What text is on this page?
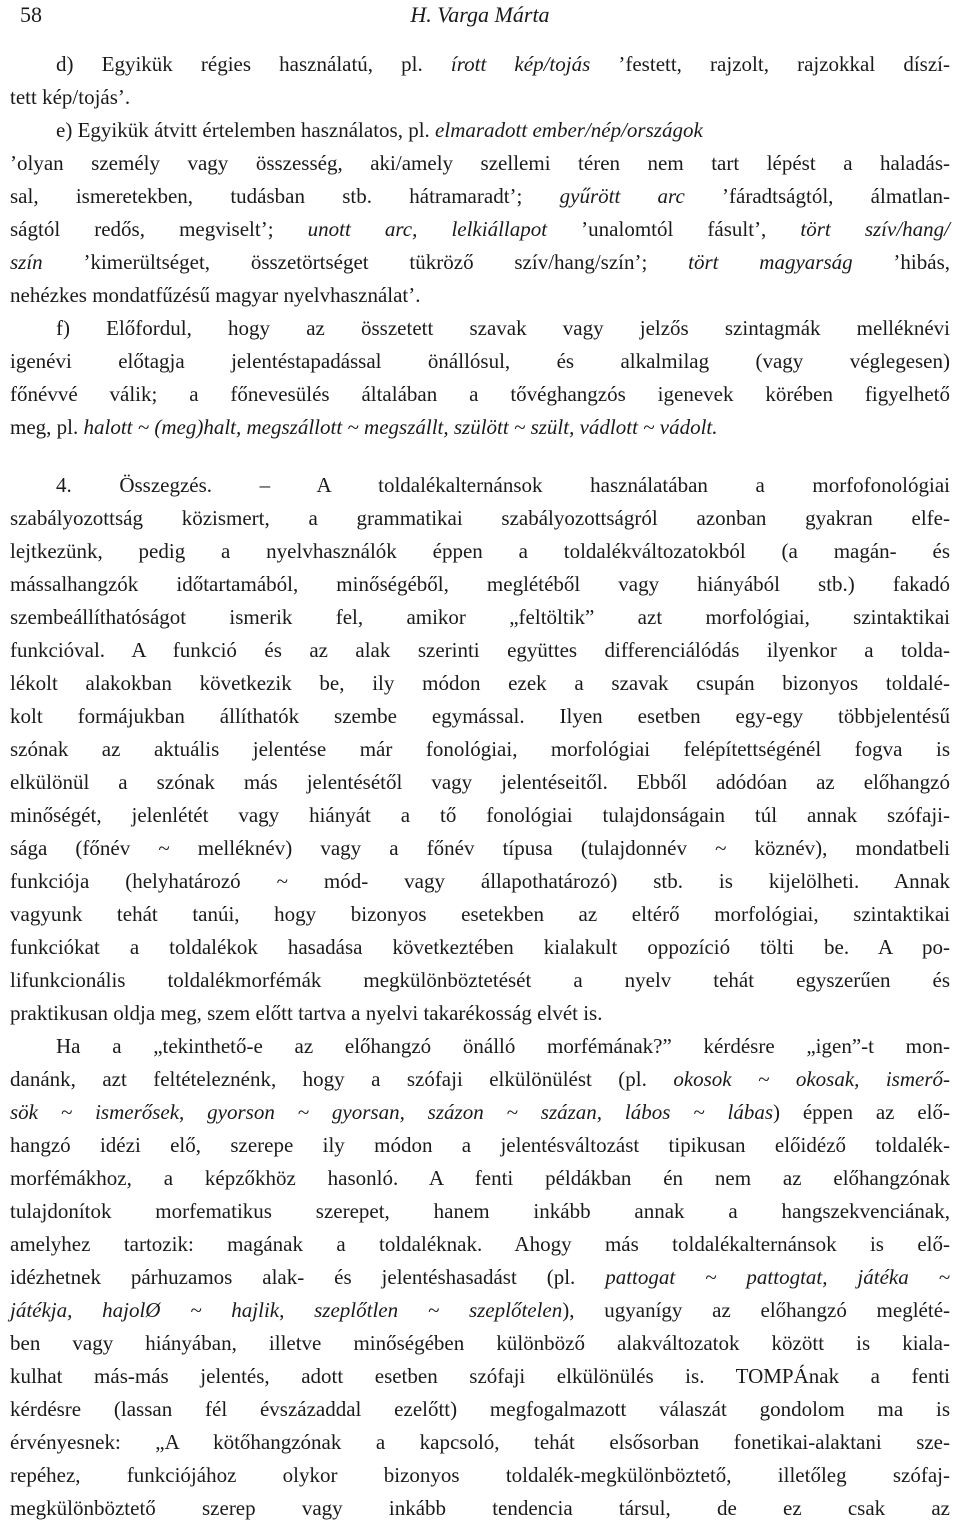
58	H. Varga Márta
d) Egyikük régies használatú, pl. írott kép/tojás ’festett, rajzolt, rajzokkal díszí-
tett kép/tojás’.
e) Egyikük átvitt értelemben használatos, pl. elmaradott ember/nép/országok
’olyan személy vagy összesség, aki/amely szellemi téren nem tart lépést a haladás-
sal, ismeretekben, tudásban stb. hátramaradt’; gyűrött arc ’fáradtságtól, álmatlan-
ságtól redős, megviselt’; unott arc, lelkiállapot ’unalomtól fásult’, tört szív/hang/
szín ’kimerültséget, összetörtséget tükröző szív/hang/szín’; tört magyarság ’hibás,
nehézkes mondatfűzésű magyar nyelvhasználat’.
f) Előfordul, hogy az összetett szavak vagy jelzős szintagmák melléknévi
igenévi előtagja jelentéstapadással önállósul, és alkalmilag (vagy véglegesen)
főnévvé válik; a főnevesülés általában a tővéghangzós igenevek körében figyelhető
meg, pl. halott ~ (meg)halt, megszállott ~ megszállt, szülött ~ szült, vádlott ~ vádolt.
4. Összegzés. – A toldalékalternánsok használatában a morfofonológiai
szabályozottság közismert, a grammatikai szabályozottságról azonban gyakran elfe-
lejtkezünk, pedig a nyelvhasználók éppen a toldalékváltozatokból (a magán- és
mássalhangzók időtartamából, minőségéből, meglétéből vagy hiányából stb.) fakadó
szembeállíthatóságot ismerik fel, amikor „feltöltik” azt morfológiai, szintaktikai
funkcióval. A funkció és az alak szerinti együttes differenciálódás ilyenkor a tolda-
lékolt alakokban következik be, ily módon ezek a szavak csupán bizonyos toldalé-
kolt formájukban állíthatók szembe egymással. Ilyen esetben egy-egy többjelentésű
szónak az aktuális jelentése már fonológiai, morfológiai felépítettségénél fogva is
elkülönül a szónak más jelentésétől vagy jelentéseitől. Ebből adódóan az előhangzó
minőségét, jelenlétét vagy hiányát a tő fonológiai tulajdonságain túl annak szófaji-
sága (főnév ~ melléknév) vagy a főnév típusa (tulajdonnév ~ köznév), mondatbeli
funkciója (helyhatározó ~ mód- vagy állapothatározó) stb. is kijelölheti. Annak
vagyunk tehát tanúi, hogy bizonyos esetekben az eltérő morfológiai, szintaktikai
funkciókat a toldalékok hasadása következtében kialakult oppozíció tölti be. A po-
lifunkcionális toldalékmorfémák megkülönböztetését a nyelv tehát egyszerűen és
praktikusan oldja meg, szem előtt tartva a nyelvi takarékosság elvét is.
Ha a „tekinthető-e az előhangzó önálló morfémának?” kérdésre „igen”-t mon-
danánk, azt feltételeznénk, hogy a szófaji elkülönülést (pl. okosok ~ okosak, ismerő-
sök ~ ismerősek, gyorson ~ gyorsan, százon ~ százan, lábos ~ lábas) éppen az elő-
hangzó idézi elő, szerepe ily módon a jelentésváltozást tipikusan előidéző toldalék-
morfémákhoz, a képzőkhöz hasonló. A fenti példákban én nem az előhangzónak
tulajdonítok morfematikus szerepet, hanem inkább annak a hangszekvenciának,
amelyhez tartozik: magának a toldaléknak. Ahogy más toldalékalternánsok is elő-
idézhetnek párhuzamos alak- és jelentéshasadást (pl. pattogat ~ pattogtat, játéka ~
játékja, hajolØ ~ hajlik, szeplőtlen ~ szeplőtelen), ugyanígy az előhangzó meglété-
ben vagy hiányában, illetve minőségében különböző alakváltozatok között is kiala-
kulhat más-más jelentés, adott esetben szófaji elkülönülés is. TOMPÁnak a fenti
kérdésre (lassan fél évszázaddal ezelőtt) megfogalmazott válaszát gondolom ma is
érvényesnek: „A kötőhangzónak a kapcsoló, tehát elsősorban fonetikai-alaktani sze-
repéhez, funkciójához olykor bizonyos toldalék-megkülönböztető, illetőleg szófaj-
megkülönböztető szerep vagy inkább tendencia társul, de ez csak az
